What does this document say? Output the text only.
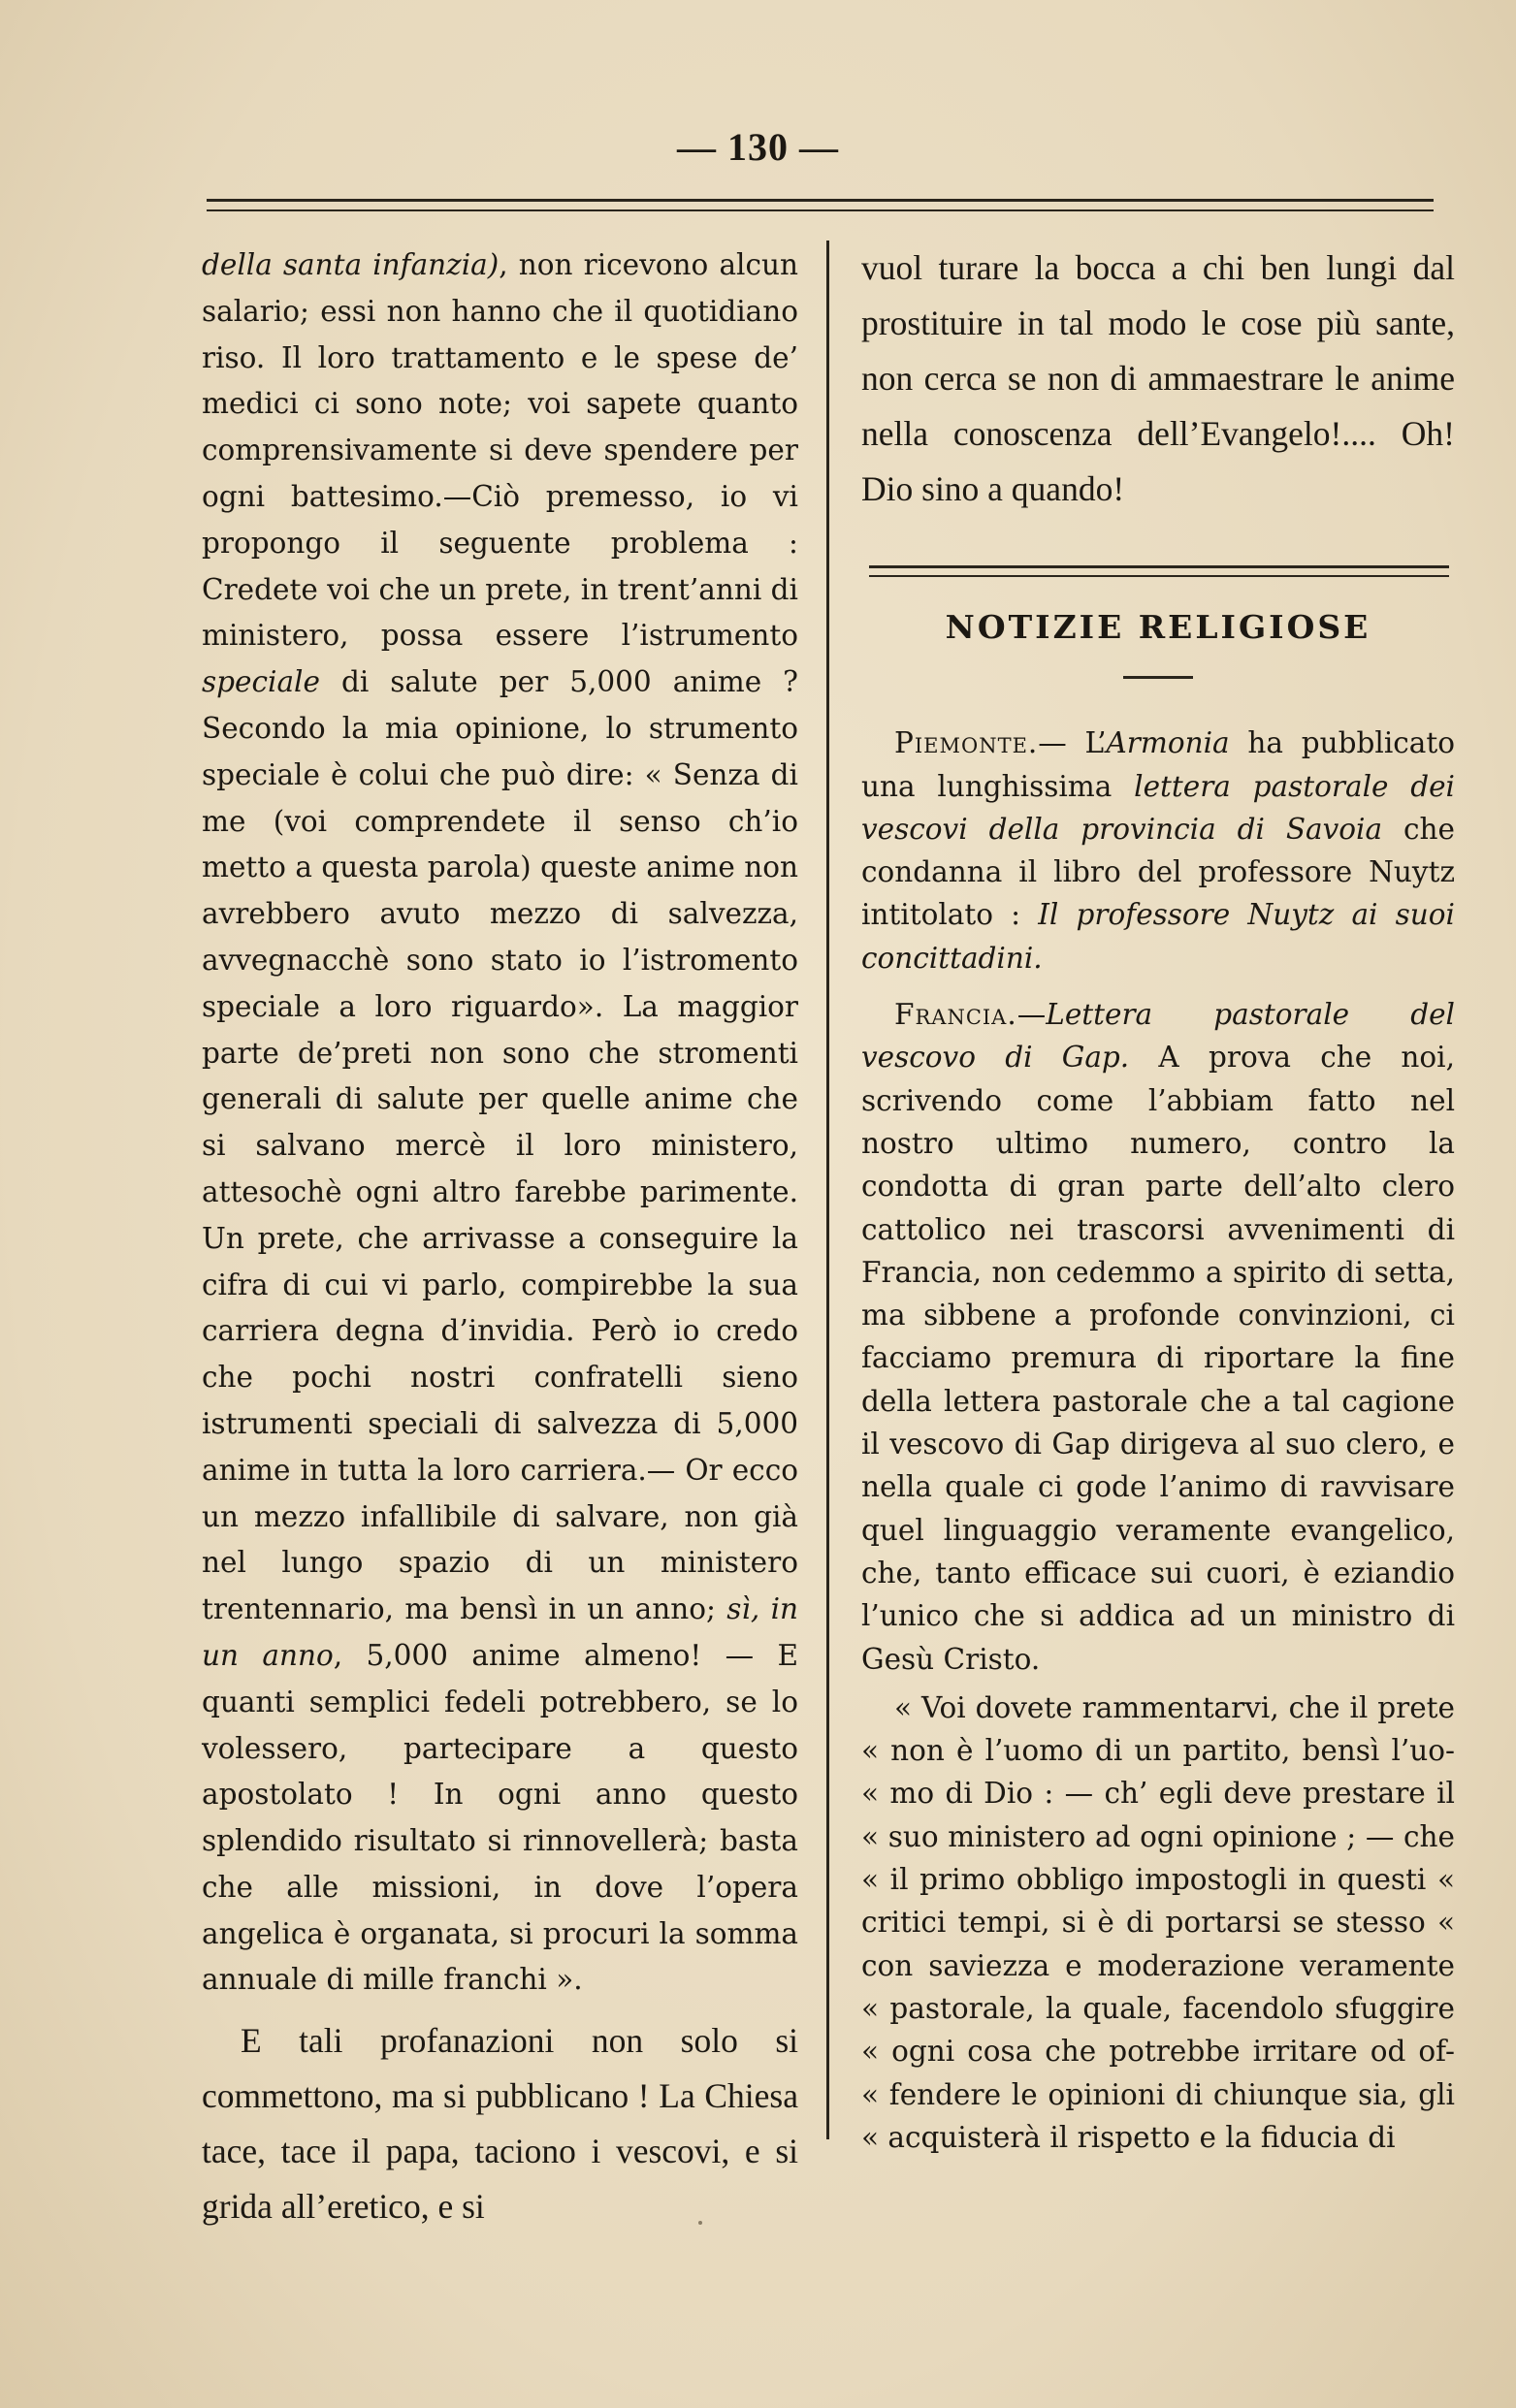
— 130 —

della santa infanzia), non ricevono alcun salario; essi non hanno che il quotidiano riso. Il loro trattamento e le spese de’ medici ci sono note; voi sapete quanto comprensivamente si deve spendere per ogni battesimo.—Ciò premesso, io vi propongo il seguente problema : Credete voi che un prete, in trent’anni di ministero, possa essere l’istrumento speciale di salute per 5,000 anime ? Secondo la mia opinione, lo strumento speciale è colui che può dire: « Senza di me (voi comprendete il senso ch’io metto a questa parola) queste anime non avrebbero avuto mezzo di salvezza, avvegnacchè sono stato io l’istromento speciale a loro riguardo». La maggior parte de’preti non sono che stromenti generali di salute per quelle anime che si salvano mercè il loro ministero, attesochè ogni altro farebbe parimente. Un prete, che arrivasse a conseguire la cifra di cui vi parlo, compirebbe la sua carriera degna d’invidia. Però io credo che pochi nostri confratelli sieno istrumenti speciali di salvezza di 5,000 anime in tutta la loro carriera.— Or ecco un mezzo infallibile di salvare, non già nel lungo spazio di un ministero trentennario, ma bensì in un anno; sì, in un anno, 5,000 anime almeno! — E quanti semplici fedeli potrebbero, se lo volessero, partecipare a questo apostolato ! In ogni anno questo splendido risultato si rinnovellerà; basta che alle missioni, in dove l’opera angelica è organata, si procuri la somma annuale di mille franchi ».

E tali profanazioni non solo si commettono, ma si pubblicano ! La Chiesa tace, tace il papa, taciono i vescovi, e si grida all’eretico, e si

vuol turare la bocca a chi ben lungi dal prostituire in tal modo le cose più sante, non cerca se non di ammaestrare le anime nella conoscenza dell’Evangelo!.... Oh! Dio sino a quando!

NOTIZIE RELIGIOSE

Piemonte.— L’Armonia ha pubblicato una lunghissima lettera pastorale dei vescovi della provincia di Savoia che condanna il libro del professore Nuytz intitolato : Il professore Nuytz ai suoi concittadini.

Francia.—Lettera pastorale del vescovo di Gap. A prova che noi, scrivendo come l’abbiam fatto nel nostro ultimo numero, contro la condotta di gran parte dell’alto clero cattolico nei trascorsi avvenimenti di Francia, non cedemmo a spirito di setta, ma sibbene a profonde convinzioni, ci facciamo premura di riportare la fine della lettera pastorale che a tal cagione il vescovo di Gap dirigeva al suo clero, e nella quale ci gode l’animo di ravvisare quel linguaggio veramente evangelico, che, tanto efficace sui cuori, è eziandio l’unico che si addica ad un ministro di Gesù Cristo.

« Voi dovete rammentarvi, che il prete « non è l’uomo di un partito, bensì l’uo- « mo di Dio : — ch’ egli deve prestare il « suo ministero ad ogni opinione ; — che « il primo obbligo impostogli in questi « critici tempi, si è di portarsi se stesso « con saviezza e moderazione veramente « pastorale, la quale, facendolo sfuggire « ogni cosa che potrebbe irritare od of- « fendere le opinioni di chiunque sia, gli « acquisterà il rispetto e la fiducia di
